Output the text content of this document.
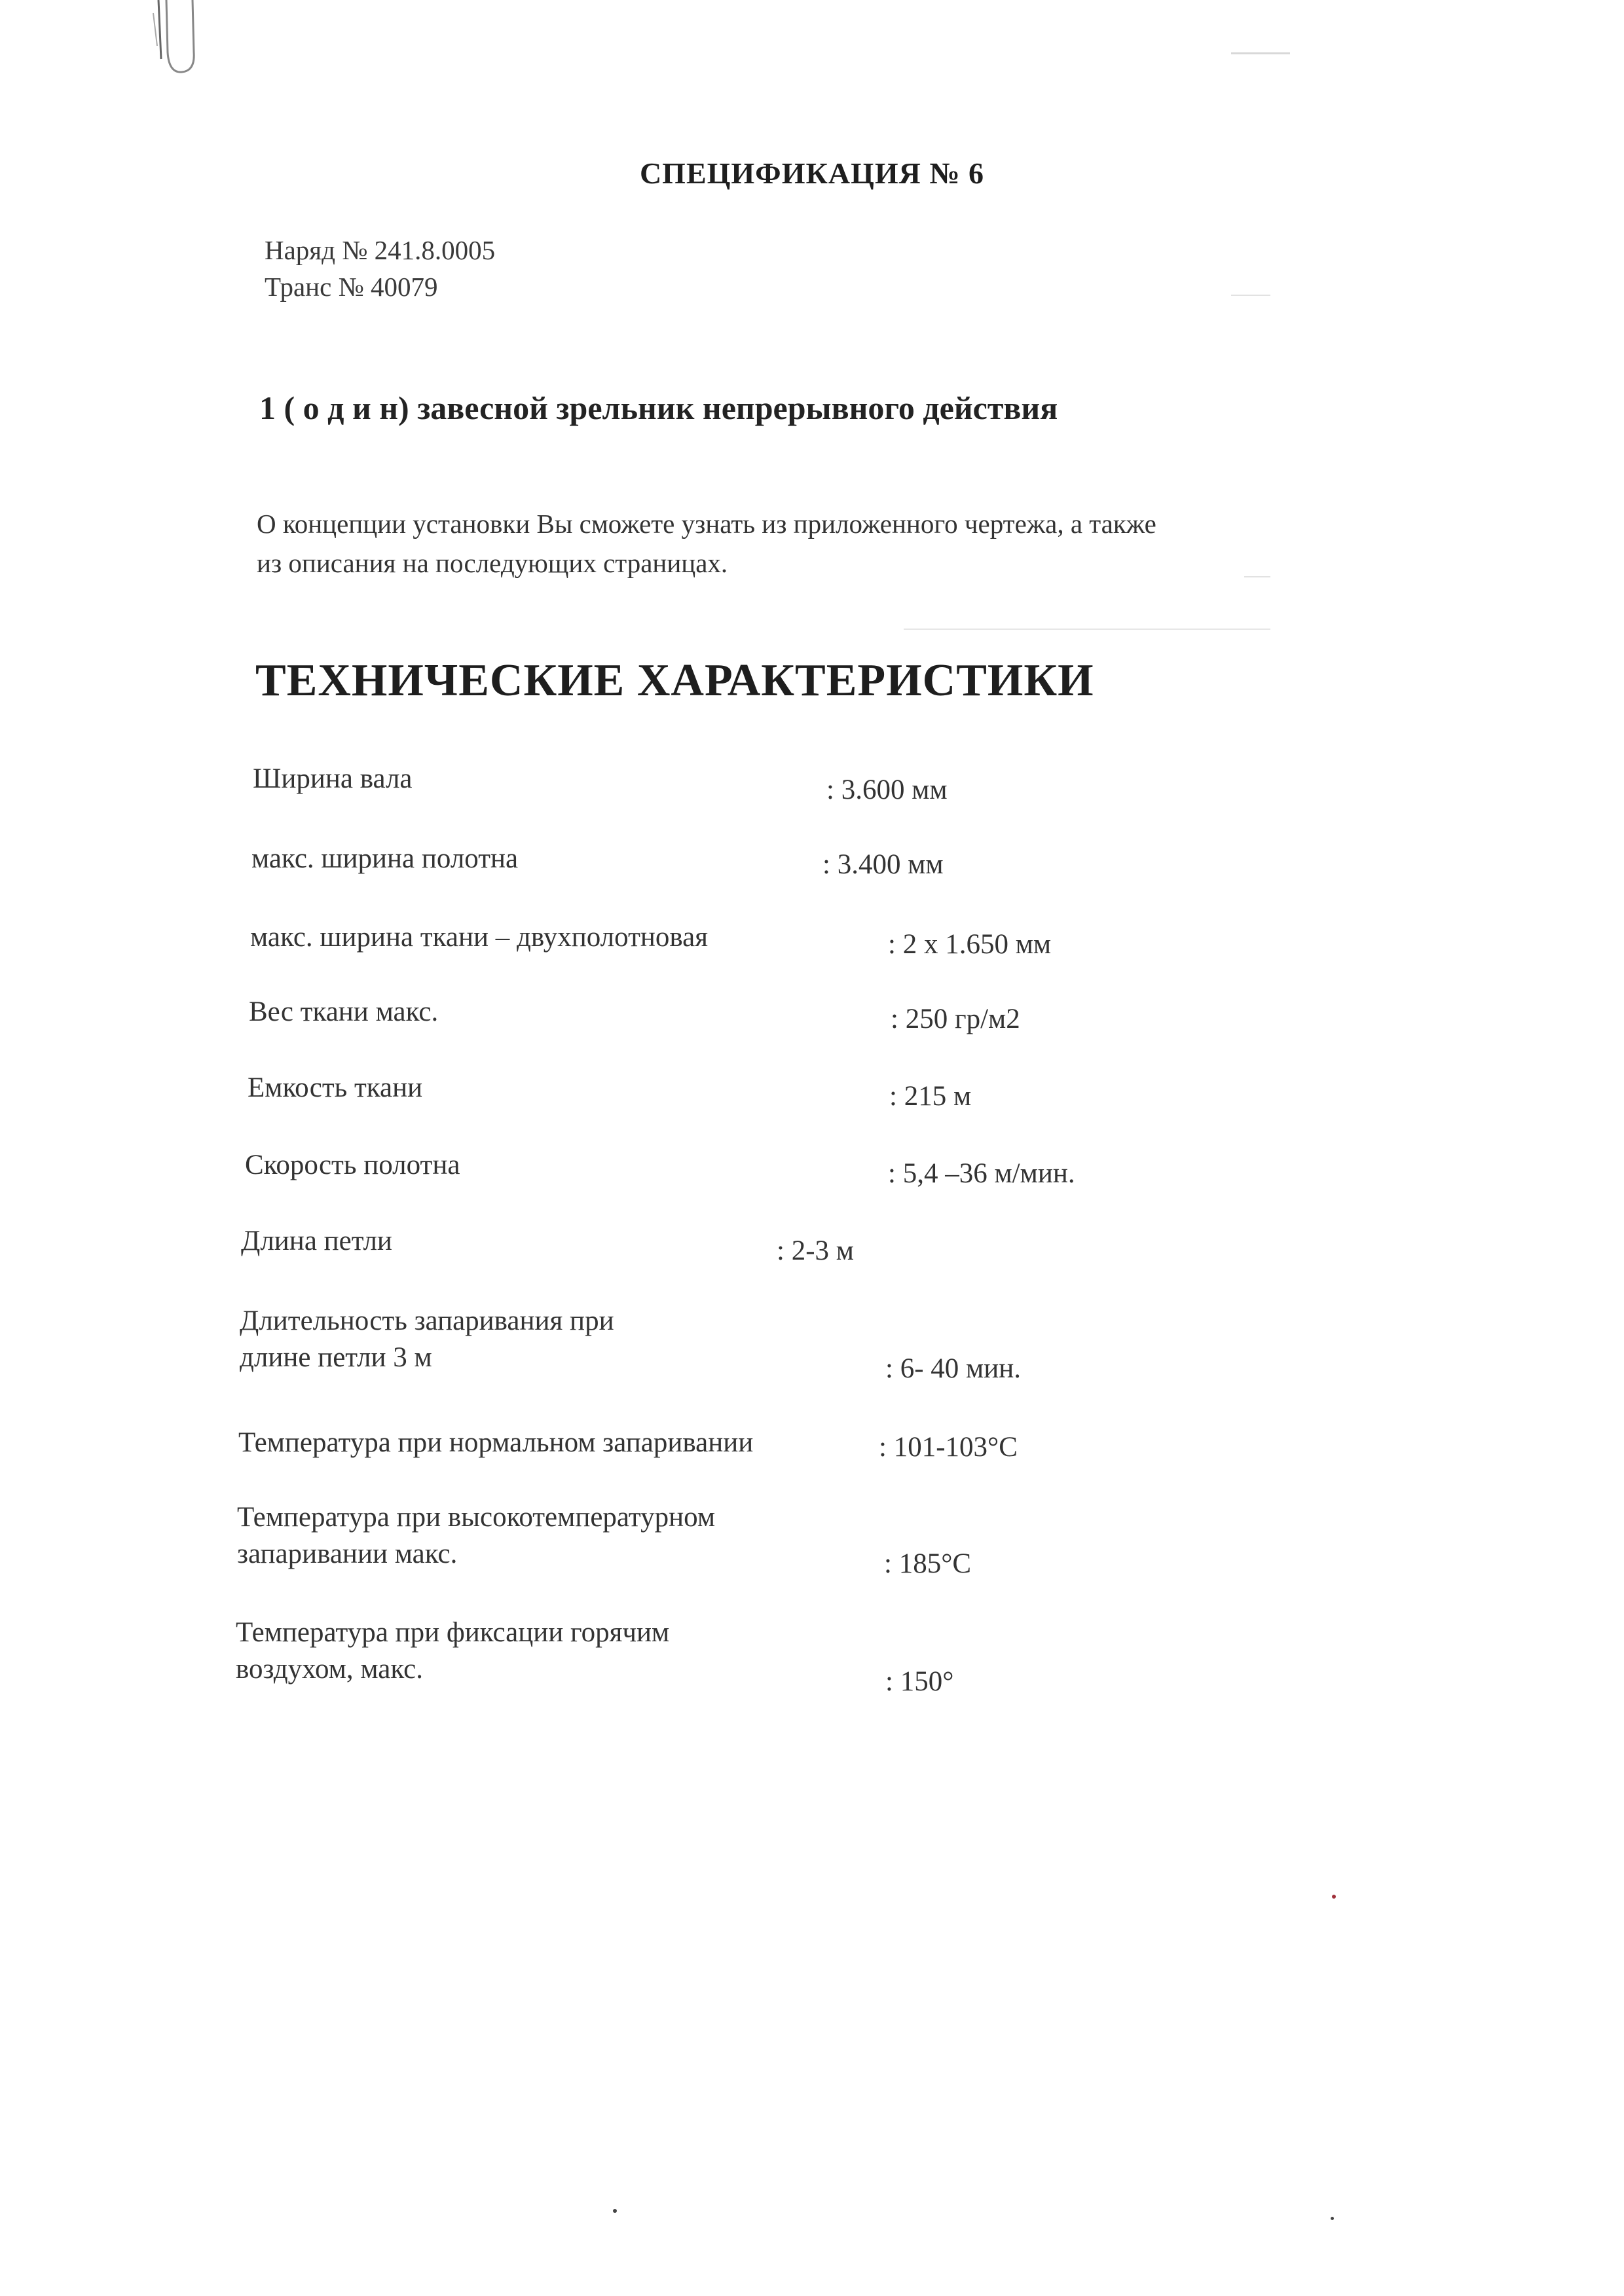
СПЕЦИФИКАЦИЯ № 6
Наряд № 241.8.0005
Транс № 40079
1 ( о д и н) завесной зрельник непрерывного действия
О концепции установки Вы сможете узнать из приложенного чертежа, а также
из описания на последующих страницах.
ТЕХНИЧЕСКИЕ ХАРАКТЕРИСТИКИ
Ширина вала	: 3.600 мм
макс. ширина полотна	: 3.400 мм
макс. ширина ткани – двухполотновая	: 2 х 1.650 мм
Вес ткани макс.	: 250 гр/м2
Емкость ткани	: 215 м
Скорость полотна	: 5,4 –36 м/мин.
Длина петли	: 2-3 м
Длительность запаривания при
длине петли 3 м	: 6- 40 мин.
Температура при нормальном запаривании	: 101-103°С
Температура при высокотемпературном
запаривании макс.	: 185°С
Температура при фиксации горячим
воздухом, макс.	: 150°
